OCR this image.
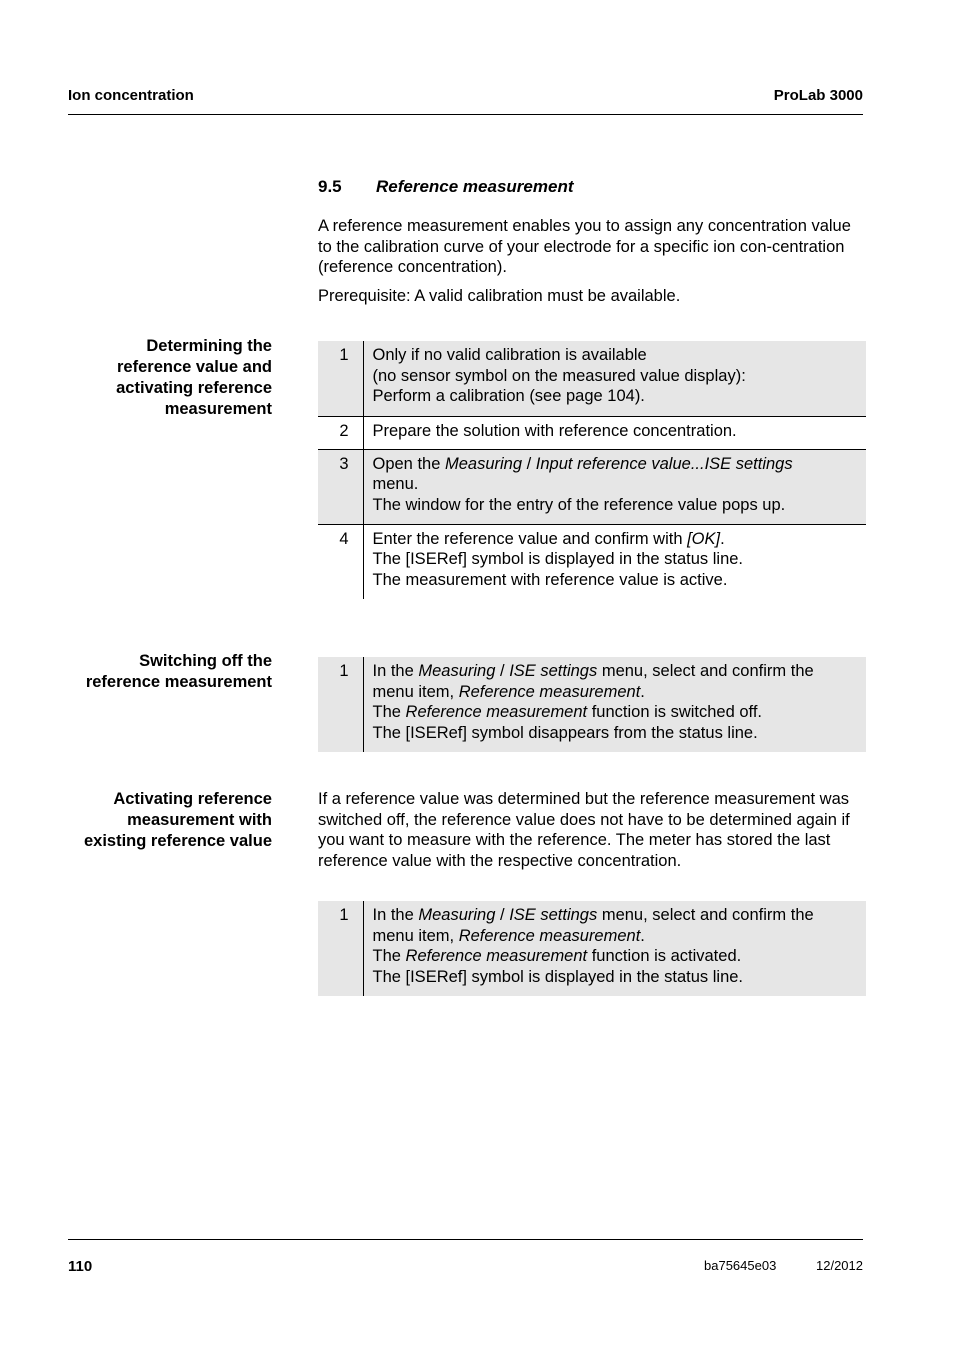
Ion concentration	ProLab 3000
9.5 Reference measurement
A reference measurement enables you to assign any concentration value to the calibration curve of your electrode for a specific ion con-centration (reference concentration).
Prerequisite: A valid calibration must be available.
Determining the
reference value and
activating reference
measurement
1	Only if no valid calibration is available
(no sensor symbol on the measured value display):
Perform a calibration (see page 104).

2	Prepare the solution with reference concentration.

3	Open the Measuring / Input reference value...ISE settings
menu.
The window for the entry of the reference value pops up.

4	Enter the reference value and confirm with [OK].
The [ISERef] symbol is displayed in the status line.
The measurement with reference value is active.
Switching off the
reference measurement
1	In the Measuring / ISE settings menu, select and confirm the
menu item, Reference measurement.
The Reference measurement function is switched off.
The [ISERef] symbol disappears from the status line.
Activating reference
measurement with
existing reference value
If a reference value was determined but the reference measurement was switched off, the reference value does not have to be determined again if you want to measure with the reference. The meter has stored the last reference value with the respective concentration.
1	In the Measuring / ISE settings menu, select and confirm the
menu item, Reference measurement.
The Reference measurement function is activated.
The [ISERef] symbol is displayed in the status line.
110	ba75645e03	12/2012
